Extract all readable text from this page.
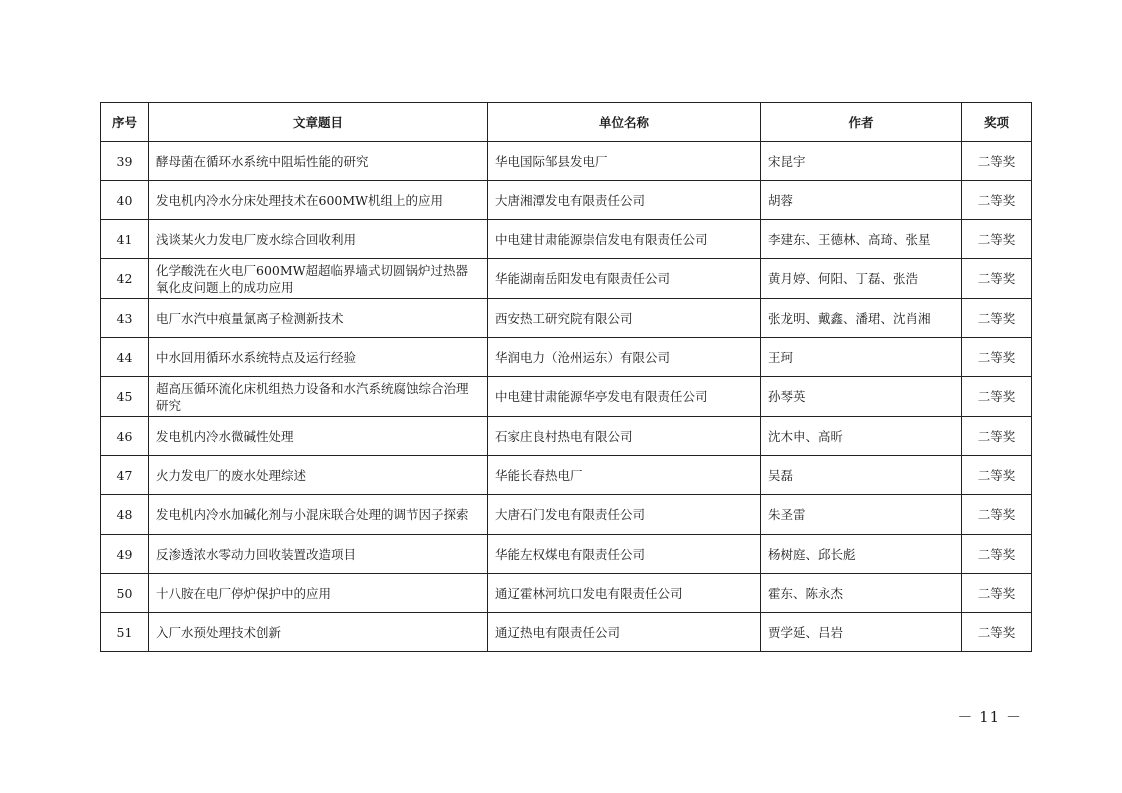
序号	文章题目	单位名称	作者	奖项
39	酵母菌在循环水系统中阻垢性能的研究	华电国际邹县发电厂	宋昆宇	二等奖
40	发电机内冷水分床处理技术在600MW机组上的应用	大唐湘潭发电有限责任公司	胡蓉	二等奖
41	浅谈某火力发电厂废水综合回收利用	中电建甘肃能源崇信发电有限责任公司	李建东、王德林、高琦、张星	二等奖
42	化学酸洗在火电厂600MW超超临界墙式切圆锅炉过热器氧化皮问题上的成功应用	华能湖南岳阳发电有限责任公司	黄月婷、何阳、丁磊、张浩	二等奖
43	电厂水汽中痕量氯离子检测新技术	西安热工研究院有限公司	张龙明、戴鑫、潘珺、沈肖湘	二等奖
44	中水回用循环水系统特点及运行经验	华润电力（沧州运东）有限公司	王珂	二等奖
45	超高压循环流化床机组热力设备和水汽系统腐蚀综合治理研究	中电建甘肃能源华亭发电有限责任公司	孙琴英	二等奖
46	发电机内冷水微碱性处理	石家庄良村热电有限公司	沈木申、高昕	二等奖
47	火力发电厂的废水处理综述	华能长春热电厂	吴磊	二等奖
48	发电机内冷水加碱化剂与小混床联合处理的调节因子探索	大唐石门发电有限责任公司	朱圣雷	二等奖
49	反渗透浓水零动力回收装置改造项目	华能左权煤电有限责任公司	杨树庭、邱长彪	二等奖
50	十八胺在电厂停炉保护中的应用	通辽霍林河坑口发电有限责任公司	霍东、陈永杰	二等奖
51	入厂水预处理技术创新	通辽热电有限责任公司	贾学延、吕岩	二等奖
－ 11 －
